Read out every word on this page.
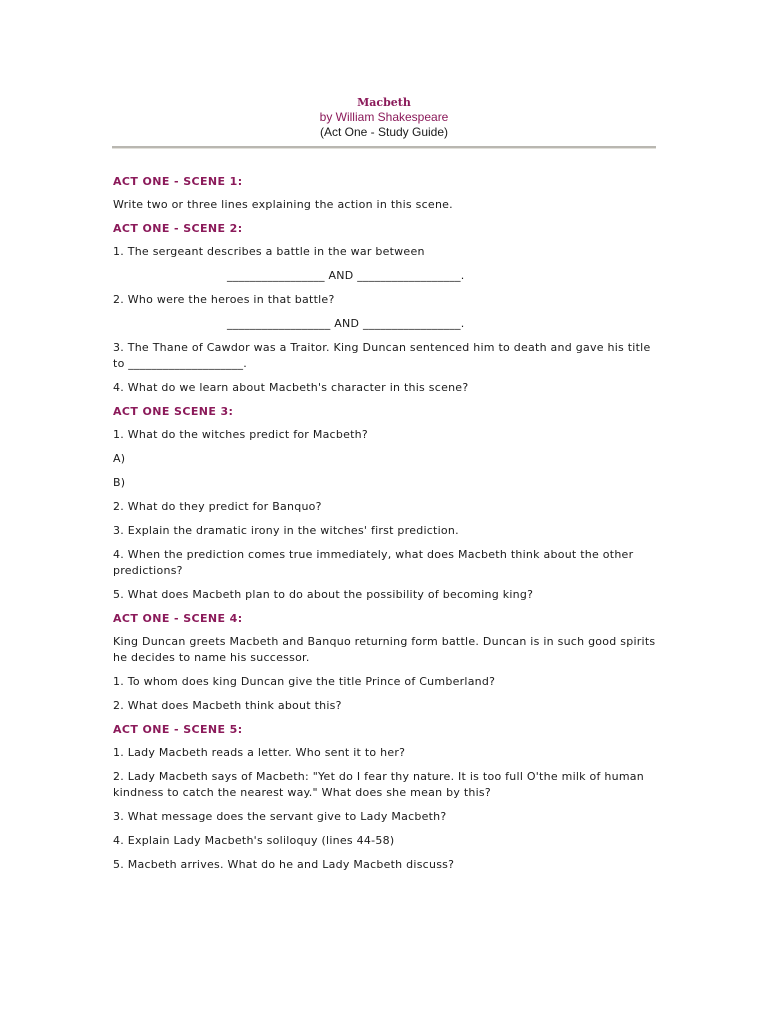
Macbeth

by William Shakespeare

(Act One - Study Guide)

ACT ONE - SCENE 1:

Write two or three lines explaining the action in this scene.

ACT ONE - SCENE 2:

1. The sergeant describes a battle in the war between

_________________ AND __________________.

2. Who were the heroes in that battle?

__________________ AND _________________.

3. The Thane of Cawdor was a Traitor. King Duncan sentenced him to death and gave his title to ____________________.

4. What do we learn about Macbeth's character in this scene?

ACT ONE SCENE 3:

1. What do the witches predict for Macbeth?

A)

B)

2. What do they predict for Banquo?

3. Explain the dramatic irony in the witches' first prediction.

4. When the prediction comes true immediately, what does Macbeth think about the other predictions?

5. What does Macbeth plan to do about the possibility of becoming king?

ACT ONE - SCENE 4:

King Duncan greets Macbeth and Banquo returning form battle. Duncan is in such good spirits he decides to name his successor.

1. To whom does king Duncan give the title Prince of Cumberland?

2. What does Macbeth think about this?

ACT ONE - SCENE 5:

1. Lady Macbeth reads a letter. Who sent it to her?

2. Lady Macbeth says of Macbeth: "Yet do I fear thy nature. It is too full O'the milk of human kindness to catch the nearest way." What does she mean by this?

3. What message does the servant give to Lady Macbeth?

4. Explain Lady Macbeth's soliloquy (lines 44-58)

5. Macbeth arrives. What do he and Lady Macbeth discuss?
